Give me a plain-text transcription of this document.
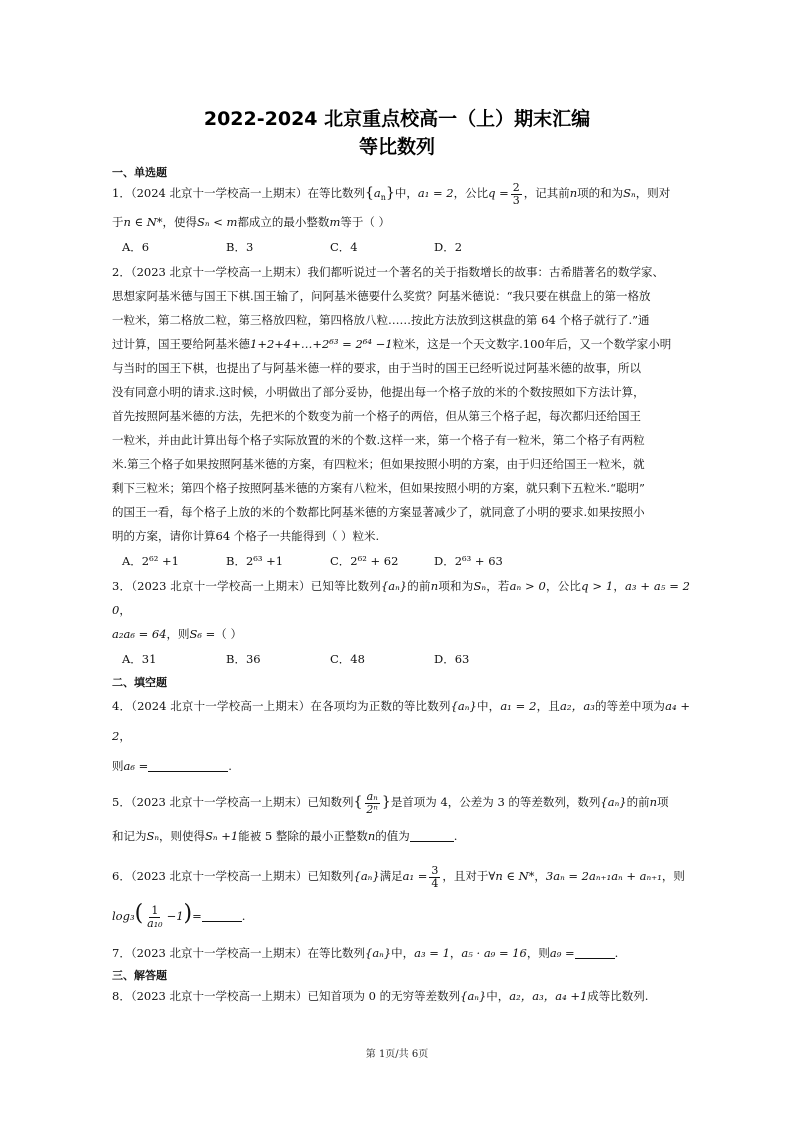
2022-2024 北京重点校高一（上）期末汇编
等比数列
一、单选题
1．（2024 北京十一学校高一上期末）在等比数列$\{a_n\}$中，a₁ = 2，公比$q = \frac{2}{3}$ ，记其前n项的和为Sₙ，则对
于n ∈ N*，使得Sₙ < m都成立的最小整数m等于（ ）
A．6	B．3	C．4	D．2
2．（2023 北京十一学校高一上期末）我们都听说过一个著名的关于指数增长的故事：古希腊著名的数学家、
思想家阿基米德与国王下棋.国王输了，问阿基米德要什么奖赏？阿基米德说：“我只要在棋盘上的第一格放
一粒米，第二格放二粒，第三格放四粒，第四格放八粒……按此方法放到这棋盘的第 64 个格子就行了.”通
过计算，国王要给阿基米德1+2+4+…+2⁶³ = 2⁶⁴ −1粒米，这是一个天文数字.100年后，又一个数学家小明
与当时的国王下棋，也提出了与阿基米德一样的要求，由于当时的国王已经听说过阿基米德的故事，所以
没有同意小明的请求.这时候，小明做出了部分妥协，他提出每一个格子放的米的个数按照如下方法计算，
首先按照阿基米德的方法，先把米的个数变为前一个格子的两倍，但从第三个格子起，每次都归还给国王
一粒米，并由此计算出每个格子实际放置的米的个数.这样一来，第一个格子有一粒米，第二个格子有两粒
米.第三个格子如果按照阿基米德的方案，有四粒米；但如果按照小明的方案，由于归还给国王一粒米，就
剩下三粒米；第四个格子按照阿基米德的方案有八粒米，但如果按照小明的方案，就只剩下五粒米.“聪明”
的国王一看，每个格子上放的米的个数都比阿基米德的方案显著减少了，就同意了小明的要求.如果按照小
明的方案，请你计算64 个格子一共能得到（ ）粒米.
A．2⁶² +1	B．2⁶³ +1	C．2⁶² + 62	D．2⁶³ + 63
3．（2023 北京十一学校高一上期末）已知等比数列{aₙ}的前n项和为Sₙ，若aₙ > 0，公比q > 1，a₃ + a₅ = 20，
a₂a₆ = 64，则S₆ =（ ）
A．31	B．36	C．48	D．63
二、填空题
4．（2024 北京十一学校高一上期末）在各项均为正数的等比数列{aₙ}中，a₁ = 2，且a₂，a₃的等差中项为a₄ + 2，
则a₆ =	.
5．（2023 北京十一学校高一上期末）已知数列{ $\frac{\text{aₙ}}{\text{2ⁿ}}$ }是首项为 4，公差为 3 的等差数列，数列{aₙ}的前n项
和记为Sₙ，则使得Sₙ +1能被 5 整除的最小正整数n的值为	.
6．（2023 北京十一学校高一上期末）已知数列{aₙ}满足$a_1 = \frac{3}{4}$ ，且对于∀n ∈ N*，3aₙ = 2aₙ₊₁aₙ + aₙ₊₁，则
$\log_3( \frac{1}{\text{a₁₀}} -1)=$	.
7．（2023 北京十一学校高一上期末）在等比数列{aₙ}中，a₃ = 1，a₅ · a₉ = 16，则a₉ =	.
三、解答题
8．（2023 北京十一学校高一上期末）已知首项为 0 的无穷等差数列{aₙ}中，a₂，a₃，a₄ +1成等比数列.
第 1页/共 6页
